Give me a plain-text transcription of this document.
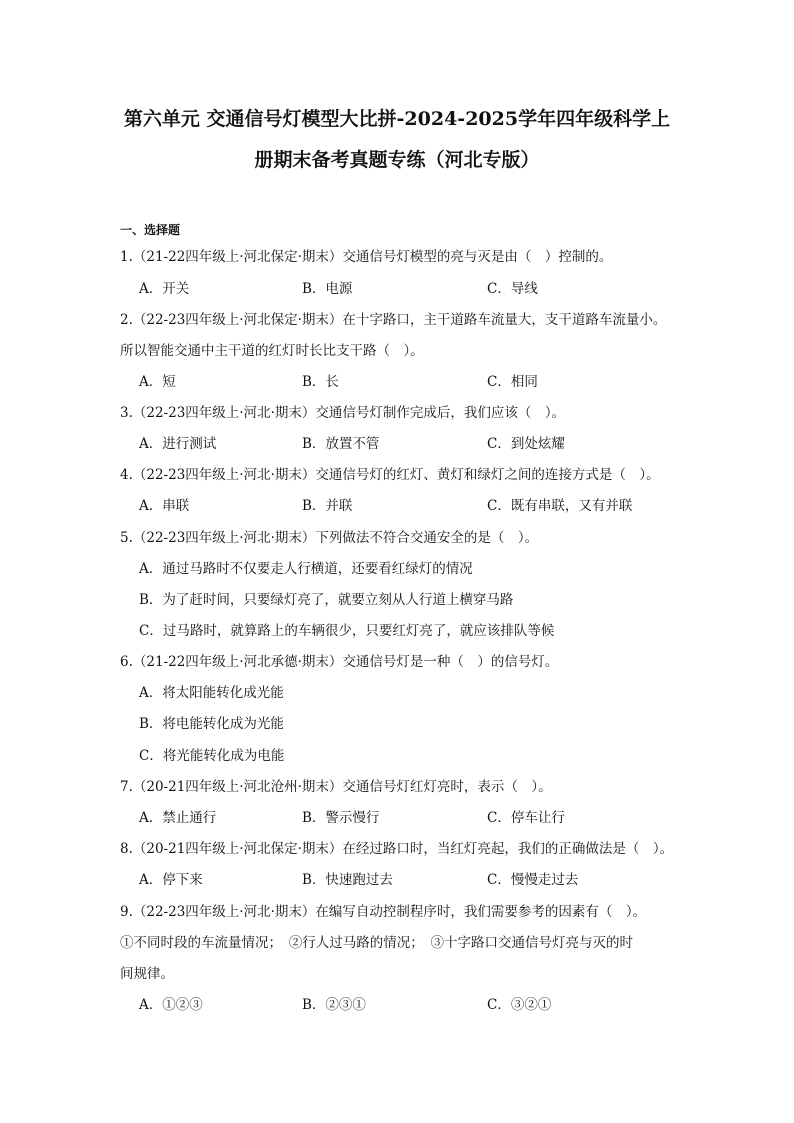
第六单元 交通信号灯模型大比拼-2024-2025学年四年级科学上
册期末备考真题专练（河北专版）
一、选择题
1.（21-22四年级上·河北保定·期末）交通信号灯模型的亮与灭是由（　）控制的。
A．开关	B．电源	C．导线
2.（22-23四年级上·河北保定·期末）在十字路口，主干道路车流量大，支干道路车流量小。
所以智能交通中主干道的红灯时长比支干路（　）。
A．短	B．长	C．相同
3.（22-23四年级上·河北·期末）交通信号灯制作完成后，我们应该（　）。
A．进行测试	B．放置不管	C．到处炫耀
4.（22-23四年级上·河北·期末）交通信号灯的红灯、黄灯和绿灯之间的连接方式是（　）。
A．串联	B．并联	C．既有串联，又有并联
5.（22-23四年级上·河北·期末）下列做法不符合交通安全的是（　）。
A．通过马路时不仅要走人行横道，还要看红绿灯的情况
B．为了赶时间，只要绿灯亮了，就要立刻从人行道上横穿马路
C．过马路时，就算路上的车辆很少，只要红灯亮了，就应该排队等候
6.（21-22四年级上·河北承德·期末）交通信号灯是一种（　）的信号灯。
A．将太阳能转化成光能
B．将电能转化成为光能
C．将光能转化成为电能
7.（20-21四年级上·河北沧州·期末）交通信号灯红灯亮时，表示（　）。
A．禁止通行	B．警示慢行	C．停车让行
8.（20-21四年级上·河北保定·期末）在经过路口时，当红灯亮起，我们的正确做法是（　）。
A．停下来	B．快速跑过去	C．慢慢走过去
9.（22-23四年级上·河北·期末）在编写自动控制程序时，我们需要参考的因素有（　）。
①不同时段的车流量情况；　②行人过马路的情况；　③十字路口交通信号灯亮与灭的时
间规律。
A．①②③	B．②③①	C．③②①
